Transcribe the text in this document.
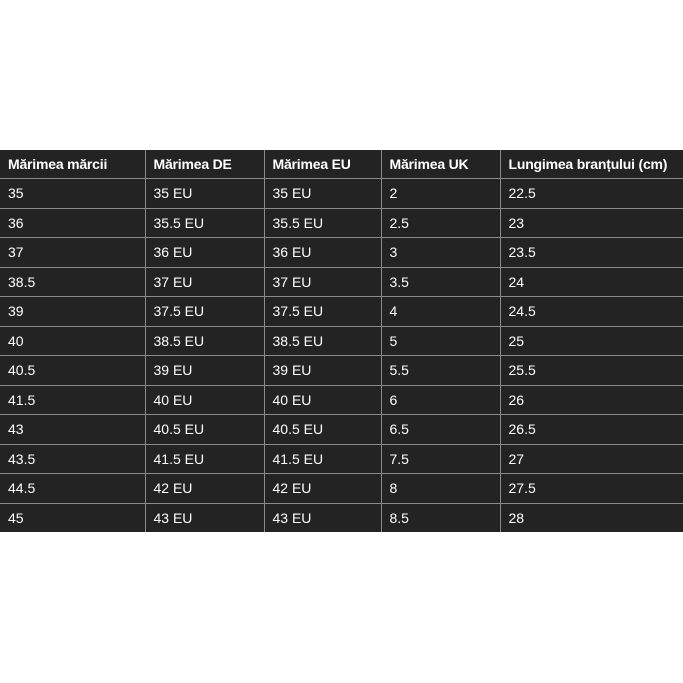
Mărimea mărcii	Mărimea DE	Mărimea EU	Mărimea UK	Lungimea branțului (cm)
35	35 EU	35 EU	2	22.5
36	35.5 EU	35.5 EU	2.5	23
37	36 EU	36 EU	3	23.5
38.5	37 EU	37 EU	3.5	24
39	37.5 EU	37.5 EU	4	24.5
40	38.5 EU	38.5 EU	5	25
40.5	39 EU	39 EU	5.5	25.5
41.5	40 EU	40 EU	6	26
43	40.5 EU	40.5 EU	6.5	26.5
43.5	41.5 EU	41.5 EU	7.5	27
44.5	42 EU	42 EU	8	27.5
45	43 EU	43 EU	8.5	28
